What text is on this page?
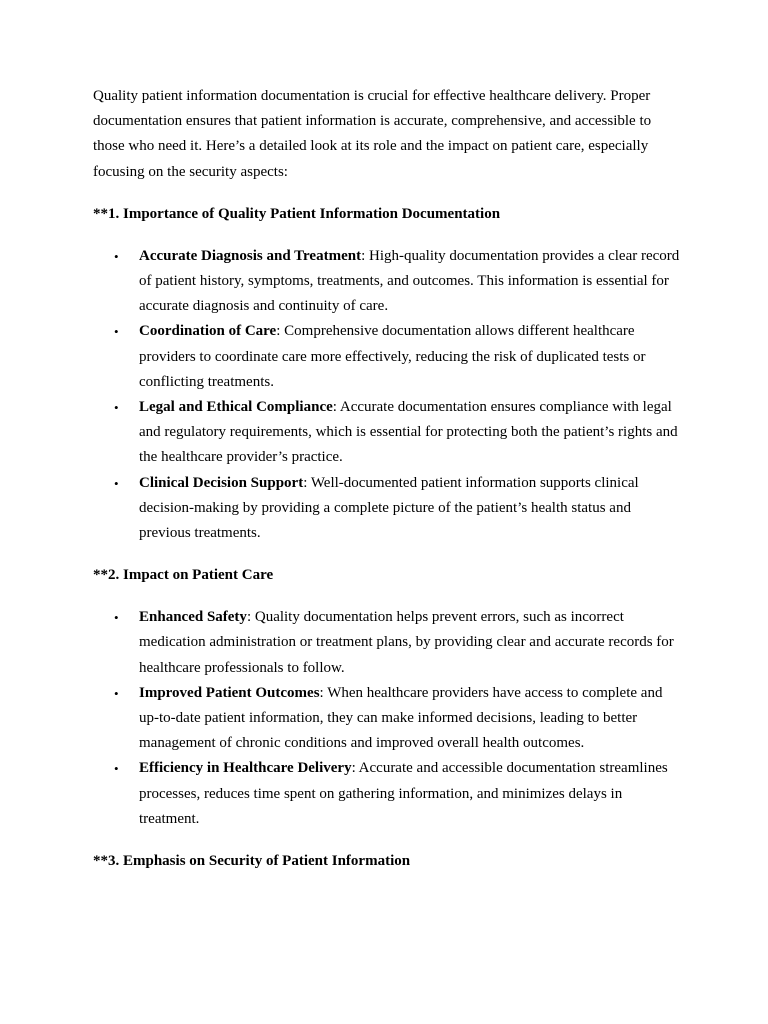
Quality patient information documentation is crucial for effective healthcare delivery. Proper documentation ensures that patient information is accurate, comprehensive, and accessible to those who need it. Here’s a detailed look at its role and the impact on patient care, especially focusing on the security aspects:

**1. Importance of Quality Patient Information Documentation
• Accurate Diagnosis and Treatment: High-quality documentation provides a clear record of patient history, symptoms, treatments, and outcomes. This information is essential for accurate diagnosis and continuity of care.
• Coordination of Care: Comprehensive documentation allows different healthcare providers to coordinate care more effectively, reducing the risk of duplicated tests or conflicting treatments.
• Legal and Ethical Compliance: Accurate documentation ensures compliance with legal and regulatory requirements, which is essential for protecting both the patient’s rights and the healthcare provider’s practice.
• Clinical Decision Support: Well-documented patient information supports clinical decision-making by providing a complete picture of the patient’s health status and previous treatments.
**2. Impact on Patient Care
• Enhanced Safety: Quality documentation helps prevent errors, such as incorrect medication administration or treatment plans, by providing clear and accurate records for healthcare professionals to follow.
• Improved Patient Outcomes: When healthcare providers have access to complete and up-to-date patient information, they can make informed decisions, leading to better management of chronic conditions and improved overall health outcomes.
• Efficiency in Healthcare Delivery: Accurate and accessible documentation streamlines processes, reduces time spent on gathering information, and minimizes delays in treatment.
**3. Emphasis on Security of Patient Information
